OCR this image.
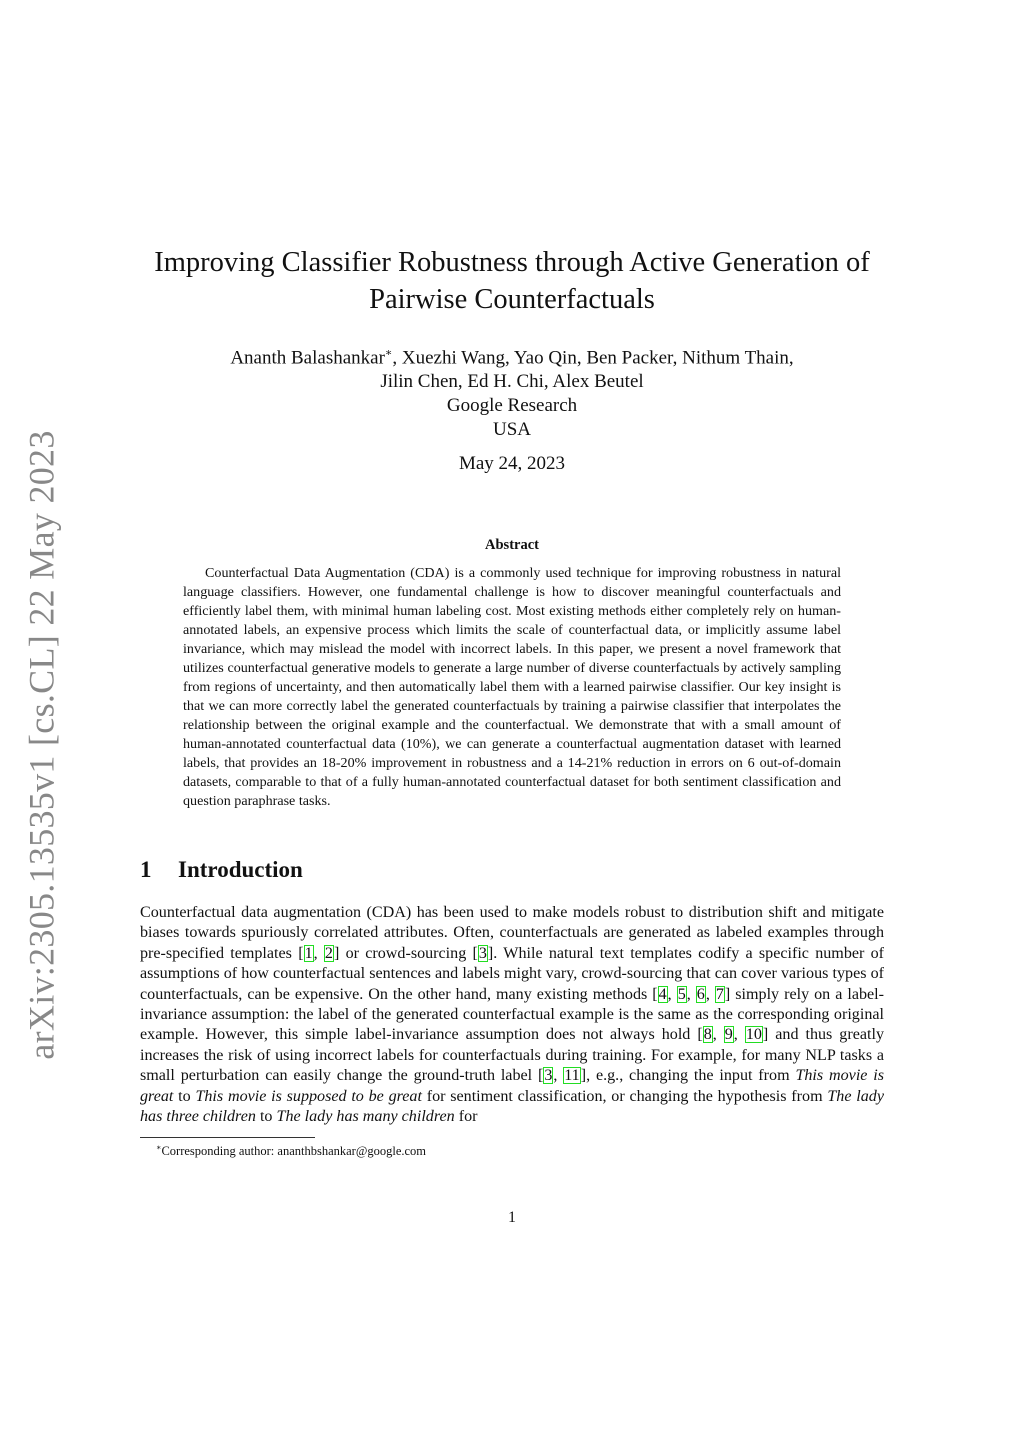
arXiv:2305.13535v1 [cs.CL] 22 May 2023
Improving Classifier Robustness through Active Generation of
Pairwise Counterfactuals
Ananth Balashankar∗, Xuezhi Wang, Yao Qin, Ben Packer, Nithum Thain,
Jilin Chen, Ed H. Chi, Alex Beutel
Google Research
USA
May 24, 2023
Abstract
Counterfactual Data Augmentation (CDA) is a commonly used technique for improving robustness in natural language classifiers. However, one fundamental challenge is how to discover meaningful counterfactuals and efficiently label them, with minimal human labeling cost. Most existing methods either completely rely on human-annotated labels, an expensive process which limits the scale of counterfactual data, or implicitly assume label invariance, which may mislead the model with incorrect labels. In this paper, we present a novel framework that utilizes counterfactual generative models to generate a large number of diverse counterfactuals by actively sampling from regions of uncertainty, and then automatically label them with a learned pairwise classifier. Our key insight is that we can more correctly label the generated counterfactuals by training a pairwise classifier that interpolates the relationship between the original example and the counterfactual. We demonstrate that with a small amount of human-annotated counterfactual data (10%), we can generate a counterfactual augmentation dataset with learned labels, that provides an 18-20% improvement in robustness and a 14-21% reduction in errors on 6 out-of-domain datasets, comparable to that of a fully human-annotated counterfactual dataset for both sentiment classification and question paraphrase tasks.
1 Introduction
Counterfactual data augmentation (CDA) has been used to make models robust to distribution shift and mitigate biases towards spuriously correlated attributes. Often, counterfactuals are generated as labeled examples through pre-specified templates [1, 2] or crowd-sourcing [3]. While natural text templates codify a specific number of assumptions of how counterfactual sentences and labels might vary, crowd-sourcing that can cover various types of counterfactuals, can be expensive. On the other hand, many existing methods [4, 5, 6, 7] simply rely on a label-invariance assumption: the label of the generated counterfactual example is the same as the corresponding original example. However, this simple label-invariance assumption does not always hold [8, 9, 10] and thus greatly increases the risk of using incorrect labels for counterfactuals during training. For example, for many NLP tasks a small perturbation can easily change the ground-truth label [3, 11], e.g., changing the input from This movie is great to This movie is supposed to be great for sentiment classification, or changing the hypothesis from The lady has three children to The lady has many children for
∗Corresponding author: ananthbshankar@google.com
1
